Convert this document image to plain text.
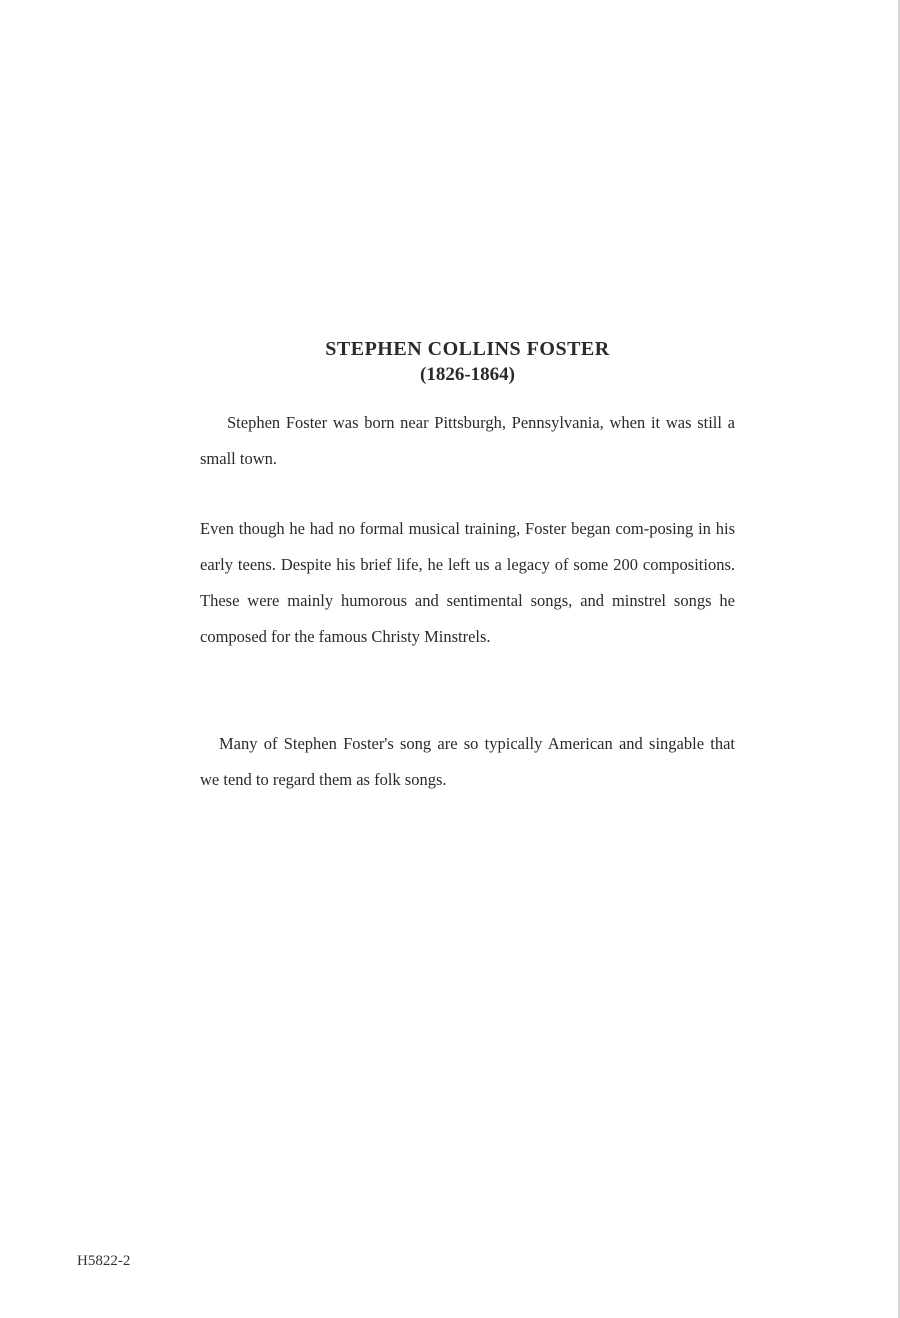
STEPHEN COLLINS FOSTER
(1826-1864)

Stephen Foster was born near Pittsburgh, Pennsylvania, when it was still a small town.

Even though he had no formal musical training, Foster began com-posing in his early teens. Despite his brief life, he left us a legacy of some 200 compositions. These were mainly humorous and sentimental songs, and minstrel songs he composed for the famous Christy Minstrels.

Many of Stephen Foster's song are so typically American and singable that we tend to regard them as folk songs.

H5822-2
